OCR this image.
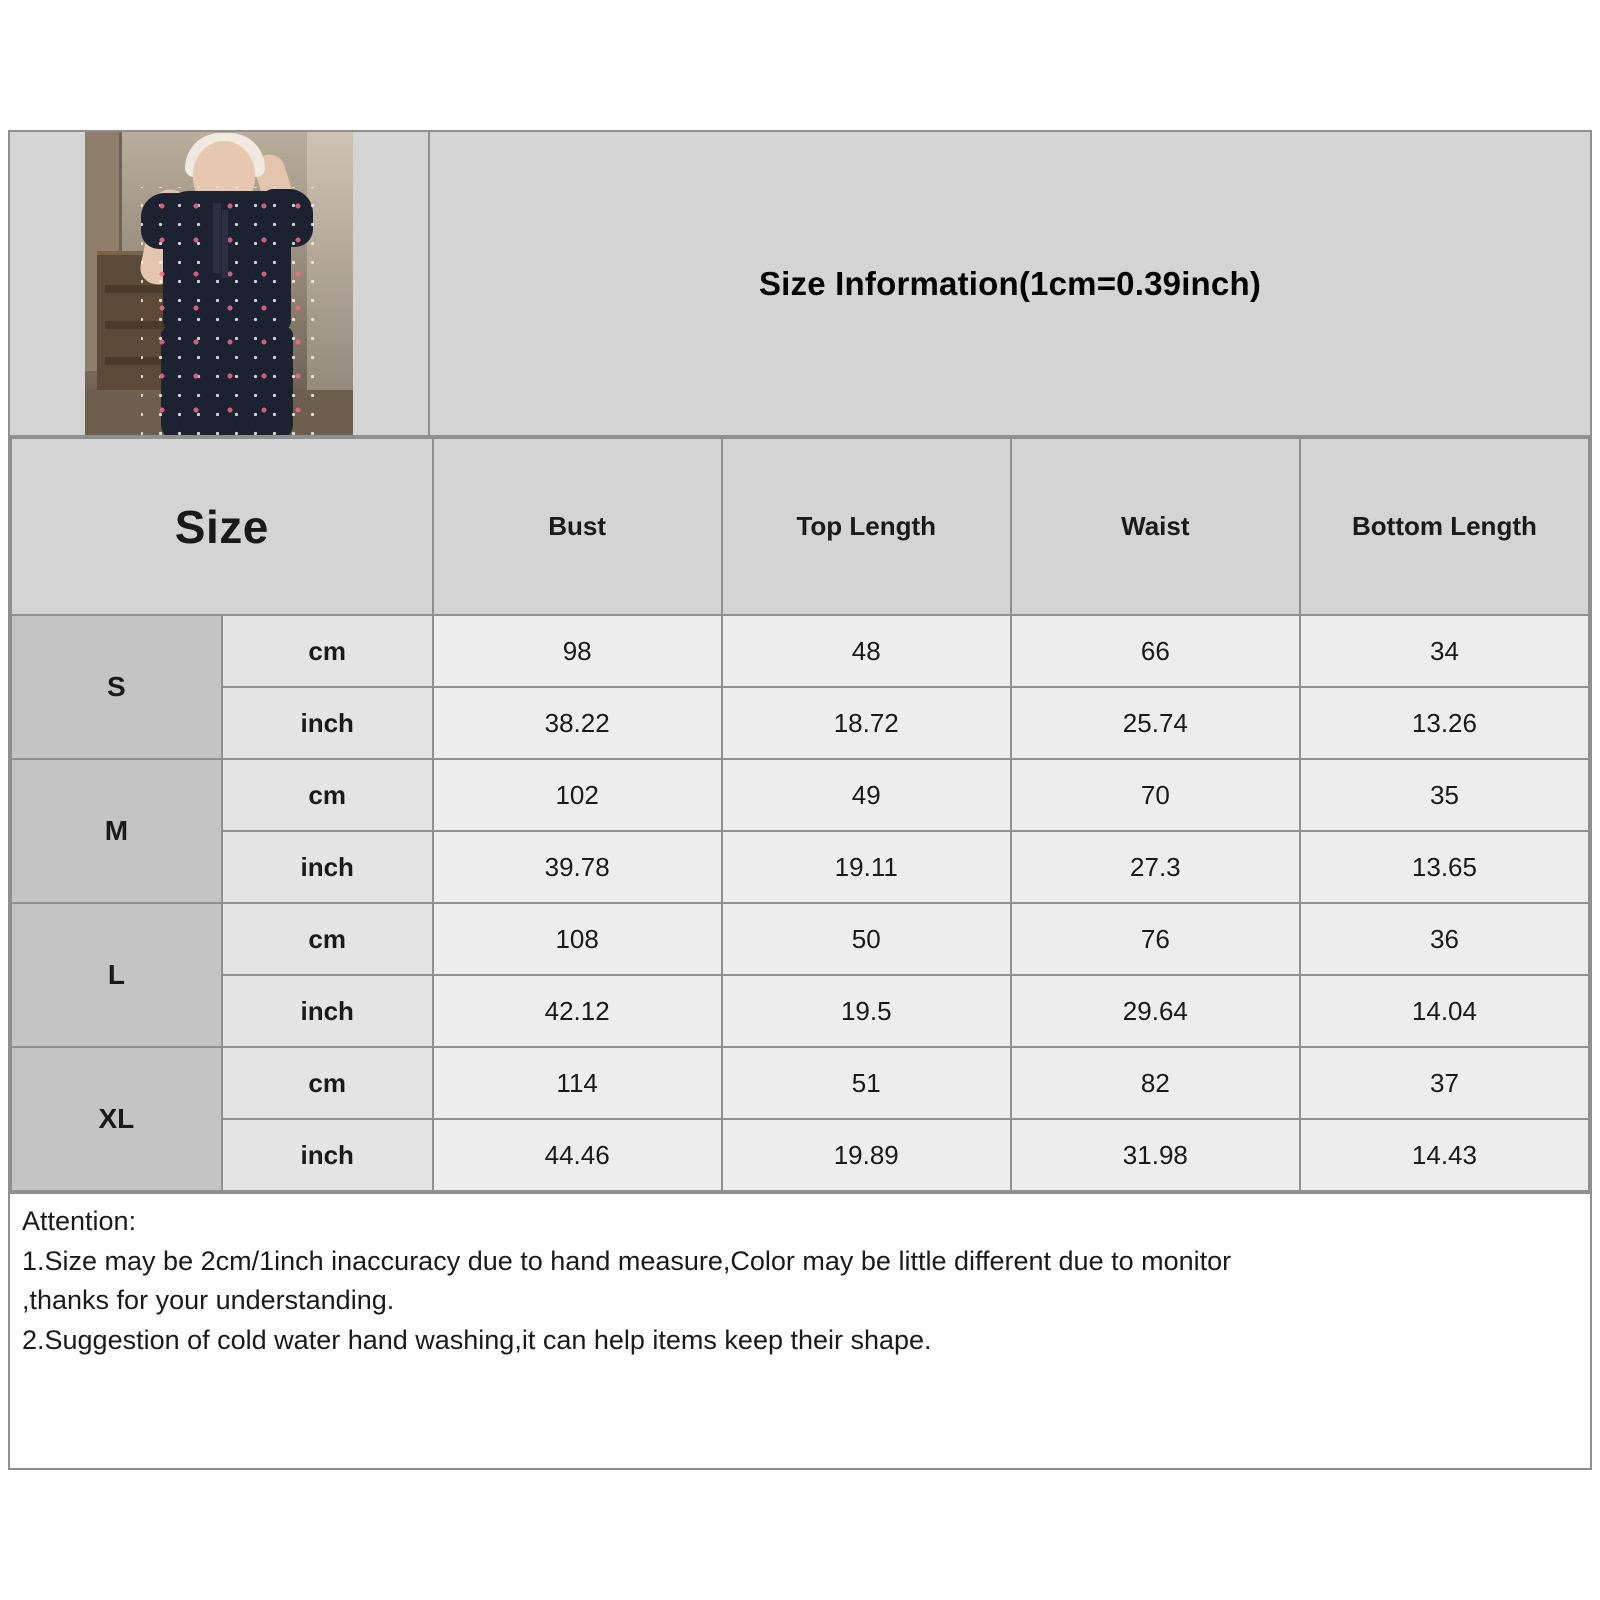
Size Information(1cm=0.39inch)
Size		Bust	Top Length	Waist	Bottom Length
S	cm	98	48	66	34
	inch	38.22	18.72	25.74	13.26
M	cm	102	49	70	35
	inch	39.78	19.11	27.3	13.65
L	cm	108	50	76	36
	inch	42.12	19.5	29.64	14.04
XL	cm	114	51	82	37
	inch	44.46	19.89	31.98	14.43

Attention:

1.Size may be 2cm/1inch inaccuracy due to hand measure,Color may be little different due to monitor

,thanks for your understanding.

2.Suggestion of cold water hand washing,it can help items keep their shape.
